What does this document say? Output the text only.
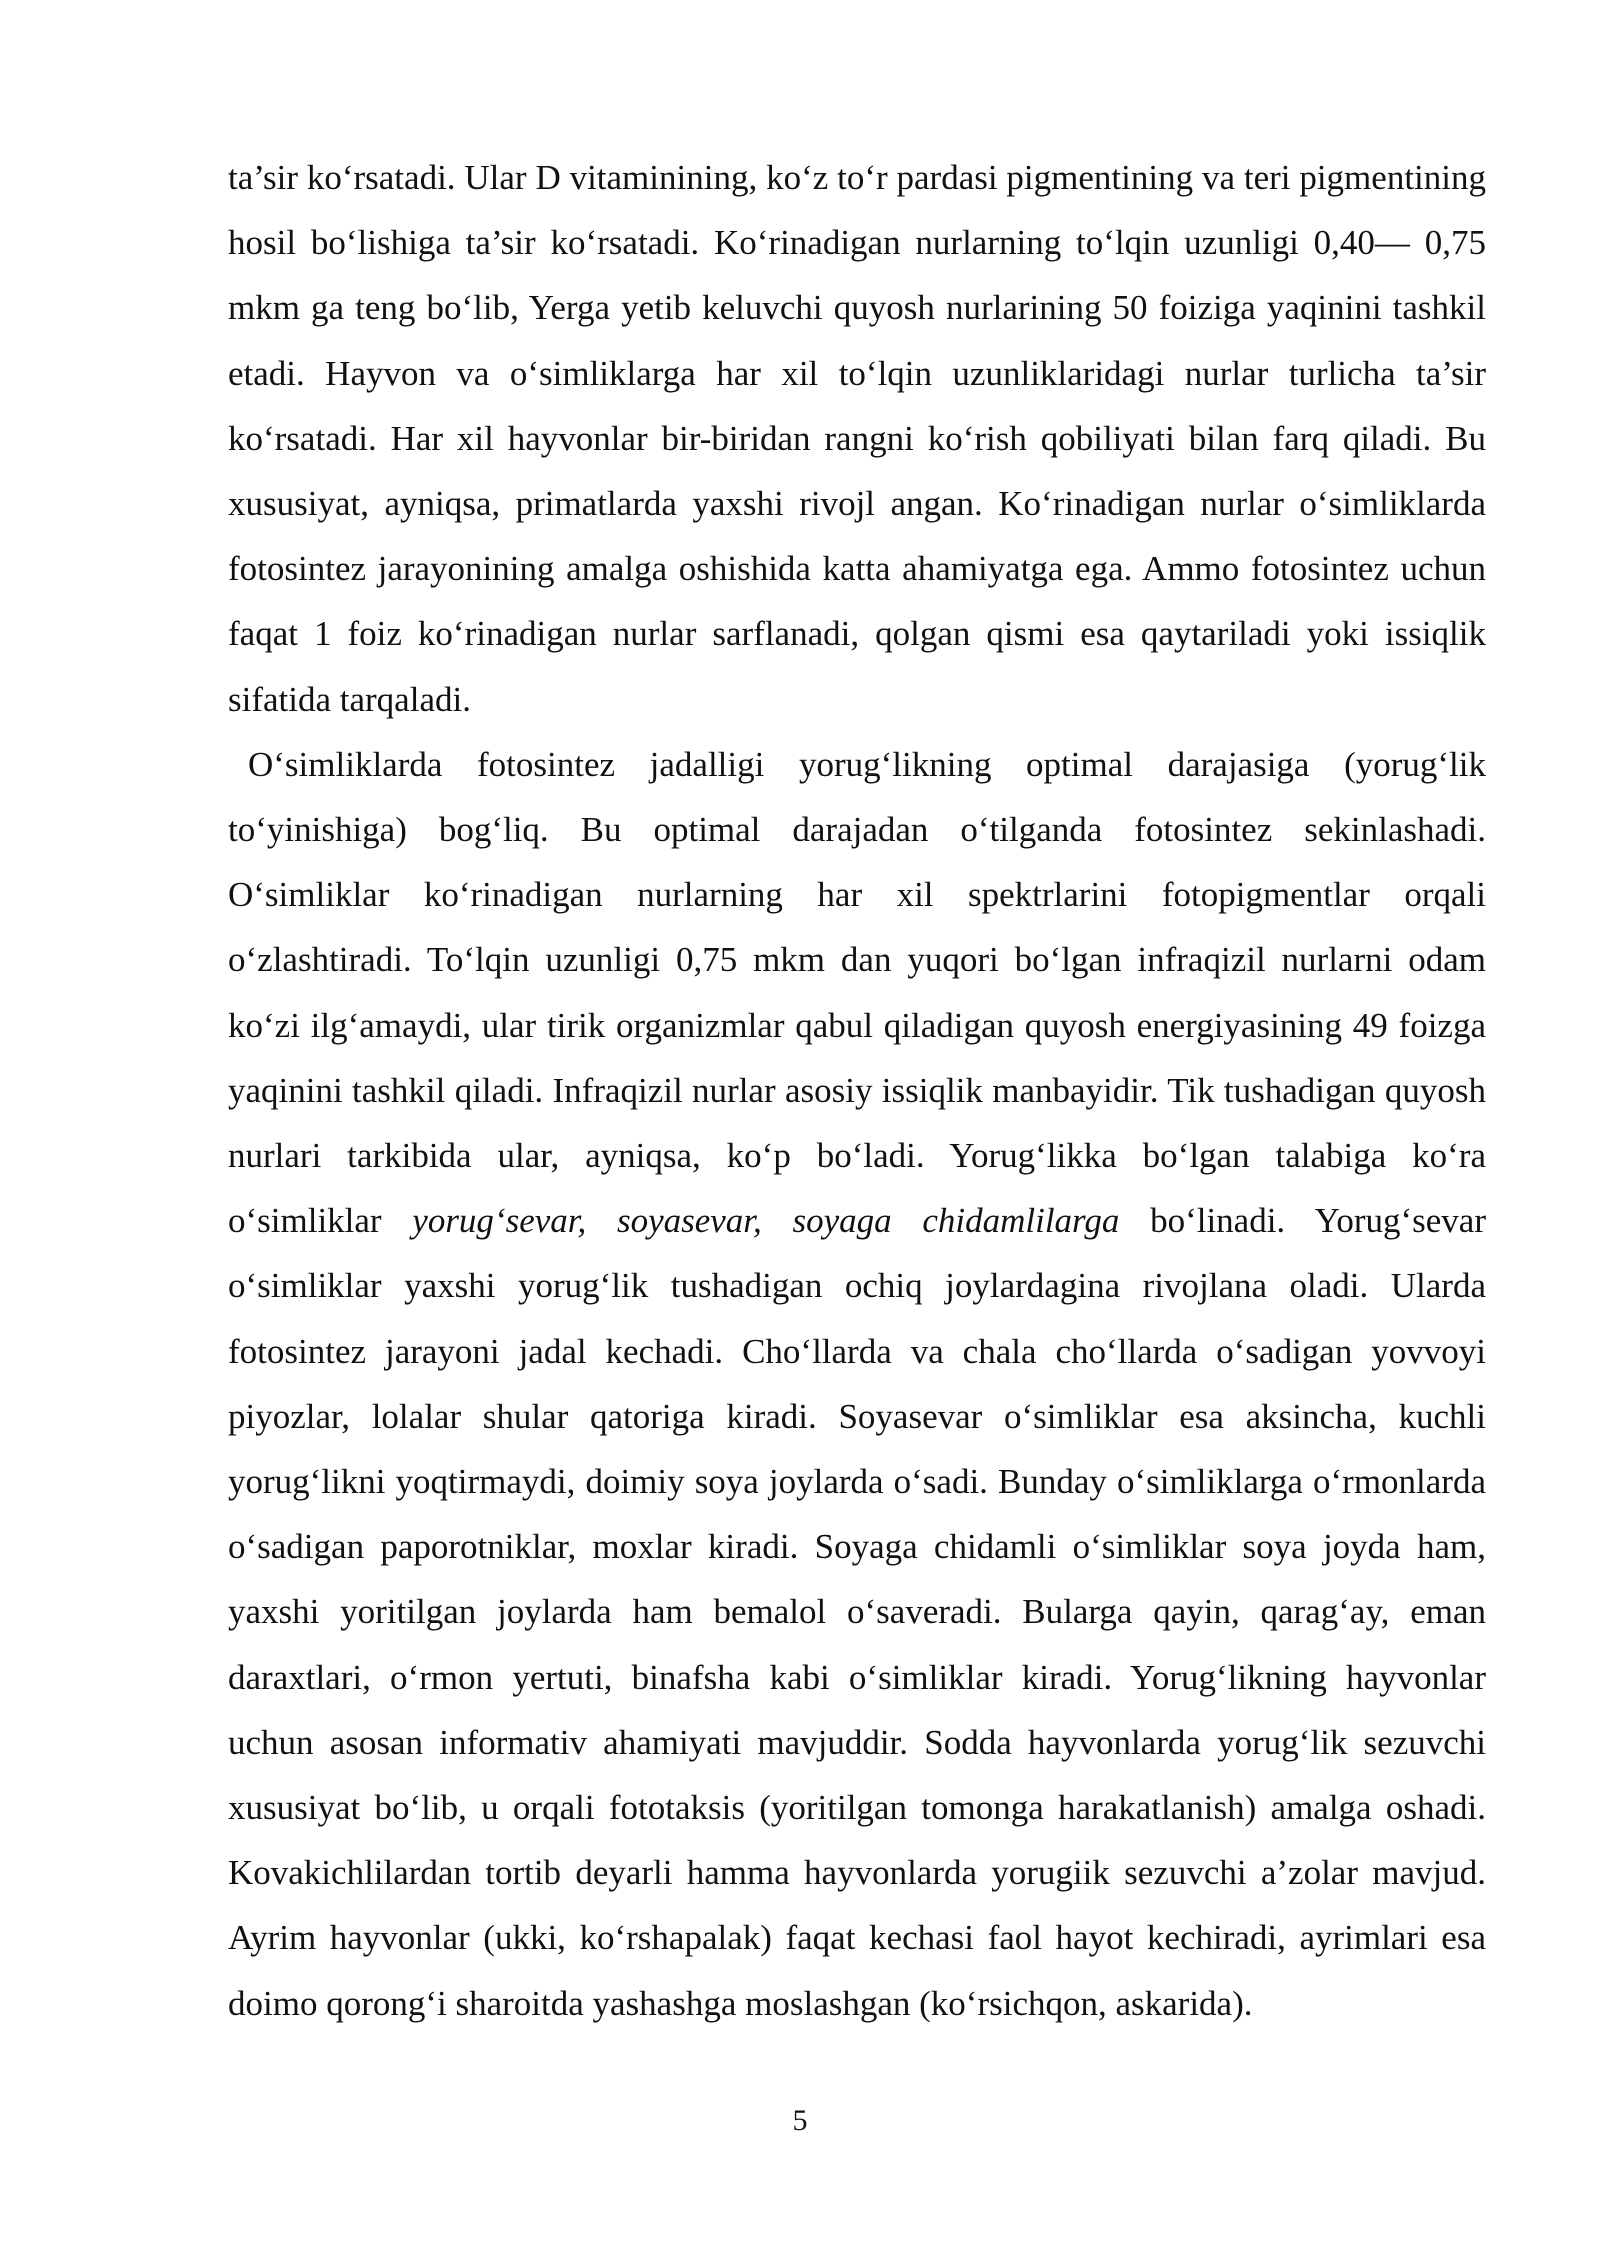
ta’sir ko‘rsatadi. Ular D vitaminining, ko‘z to‘r pardasi pigmentining va teri pigmentining hosil bo‘lishiga ta’sir ko‘rsatadi. Ko‘rinadigan nurlarning to‘lqin uzunligi 0,40— 0,75 mkm ga teng bo‘lib, Yerga yetib keluvchi quyosh nurlarining 50 foiziga yaqinini tashkil etadi. Hayvon va o‘simliklarga har xil to‘lqin uzunliklaridagi nurlar turlicha ta’sir ko‘rsatadi. Har xil hayvonlar bir-biridan rangni ko‘rish qobiliyati bilan farq qiladi. Bu xususiyat, ayniqsa, primatlarda yaxshi rivojl angan. Ko‘rinadigan nurlar o‘simliklarda fotosintez jarayonining amalga oshishida katta ahamiyatga ega. Ammo fotosintez uchun faqat 1 foiz ko‘rinadigan nurlar sarflanadi, qolgan qismi esa qaytariladi yoki issiqlik sifatida tarqaladi.

O‘simliklarda fotosintez jadalligi yorug‘likning optimal darajasiga (yorug‘lik to‘yinishiga) bog‘liq. Bu optimal darajadan o‘tilganda fotosintez sekinlashadi. O‘simliklar ko‘rinadigan nurlarning har xil spektrlarini fotopigmentlar orqali o‘zlashtiradi. To‘lqin uzunligi 0,75 mkm dan yuqori bo‘lgan infraqizil nurlarni odam ko‘zi ilg‘amaydi, ular tirik organizmlar qabul qiladigan quyosh energiyasining 49 foizga yaqinini tashkil qiladi. Infraqizil nurlar asosiy issiqlik manbayidir. Tik tushadigan quyosh nurlari tarkibida ular, ayniqsa, ko‘p bo‘ladi. Yorug‘likka bo‘lgan talabiga ko‘ra o‘simliklar yorug‘sevar, soyasevar, soyaga chidamlilarga bo‘linadi. Yorug‘sevar o‘simliklar yaxshi yorug‘lik tushadigan ochiq joylardagina rivojlana oladi. Ularda fotosintez jarayoni jadal kechadi. Cho‘llarda va chala cho‘llarda o‘sadigan yovvoyi piyozlar, lolalar shular qatoriga kiradi. Soyasevar o‘simliklar esa aksincha, kuchli yorug‘likni yoqtirmaydi, doimiy soya joylarda o‘sadi. Bunday o‘simliklarga o‘rmonlarda o‘sadigan paporotniklar, moxlar kiradi. Soyaga chidamli o‘simliklar soya joyda ham, yaxshi yoritilgan joylarda ham bemalol o‘saveradi. Bularga qayin, qarag‘ay, eman daraxtlari, o‘rmon yertuti, binafsha kabi o‘simliklar kiradi. Yorug‘likning hayvonlar uchun asosan informativ ahamiyati mavjuddir. Sodda hayvonlarda yorug‘lik sezuvchi xususiyat bo‘lib, u orqali fototaksis (yoritilgan tomonga harakatlanish) amalga oshadi. Kovakichlilardan tortib deyarli hamma hayvonlarda yorugiik sezuvchi a’zolar mavjud. Ayrim hayvonlar (ukki, ko‘rshapalak) faqat kechasi faol hayot kechiradi, ayrimlari esa doimo qorong‘i sharoitda yashashga moslashgan (ko‘rsichqon, askarida).

5
